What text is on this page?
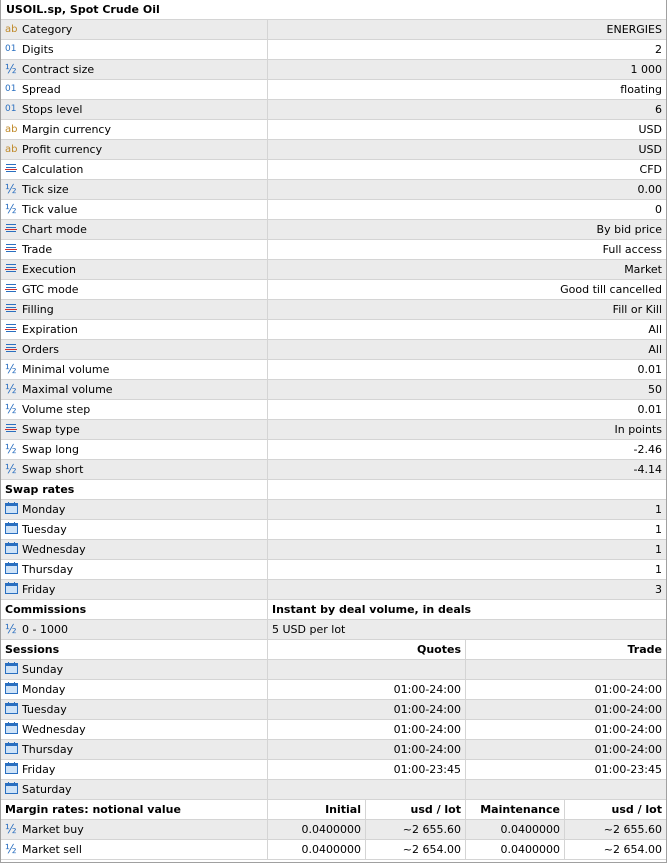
USOIL.sp, Spot Crude Oil
ab Category	ENERGIES
01 Digits	2
½ Contract size	1 000
01 Spread	floating
01 Stops level	6
ab Margin currency	USD
ab Profit currency	USD
Calculation	CFD
½ Tick size	0.00
½ Tick value	0
Chart mode	By bid price
Trade	Full access
Execution	Market
GTC mode	Good till cancelled
Filling	Fill or Kill
Expiration	All
Orders	All
½ Minimal volume	0.01
½ Maximal volume	50
½ Volume step	0.01
Swap type	In points
½ Swap long	-2.46
½ Swap short	-4.14
Swap rates
Monday	1
Tuesday	1
Wednesday	1
Thursday	1
Friday	3
Commissions	Instant by deal volume, in deals
½ 0 - 1000	5 USD per lot
Sessions	Quotes	Trade
Sunday
Monday	01:00-24:00	01:00-24:00
Tuesday	01:00-24:00	01:00-24:00
Wednesday	01:00-24:00	01:00-24:00
Thursday	01:00-24:00	01:00-24:00
Friday	01:00-23:45	01:00-23:45
Saturday
Margin rates: notional value	Initial	usd / lot	Maintenance	usd / lot
½ Market buy	0.0400000	~2 655.60	0.0400000	~2 655.60
½ Market sell	0.0400000	~2 654.00	0.0400000	~2 654.00
